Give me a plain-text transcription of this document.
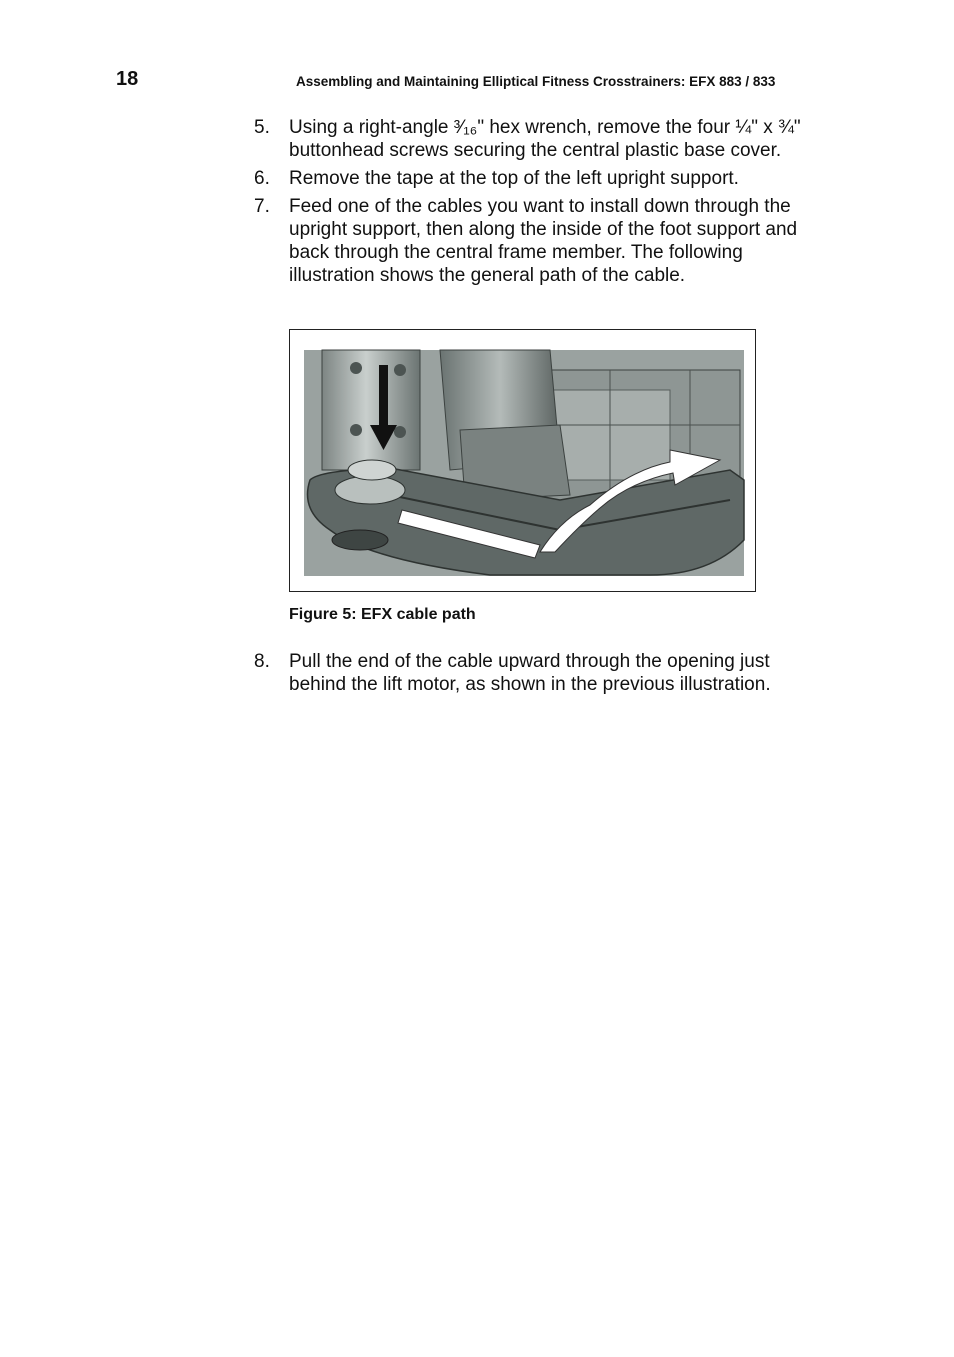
18	Assembling and Maintaining Elliptical Fitness Crosstrainers: EFX 883 / 833
5. Using a right-angle ³⁄₁₆" hex wrench, remove the four ¼" x ¾" buttonhead screws securing the central plastic base cover.
6. Remove the tape at the top of the left upright support.
7. Feed one of the cables you want to install down through the upright support, then along the inside of the foot support and back through the central frame member. The following illustration shows the general path of the cable.
Figure 5: EFX cable path
8. Pull the end of the cable upward through the opening just behind the lift motor, as shown in the previous illustration.
